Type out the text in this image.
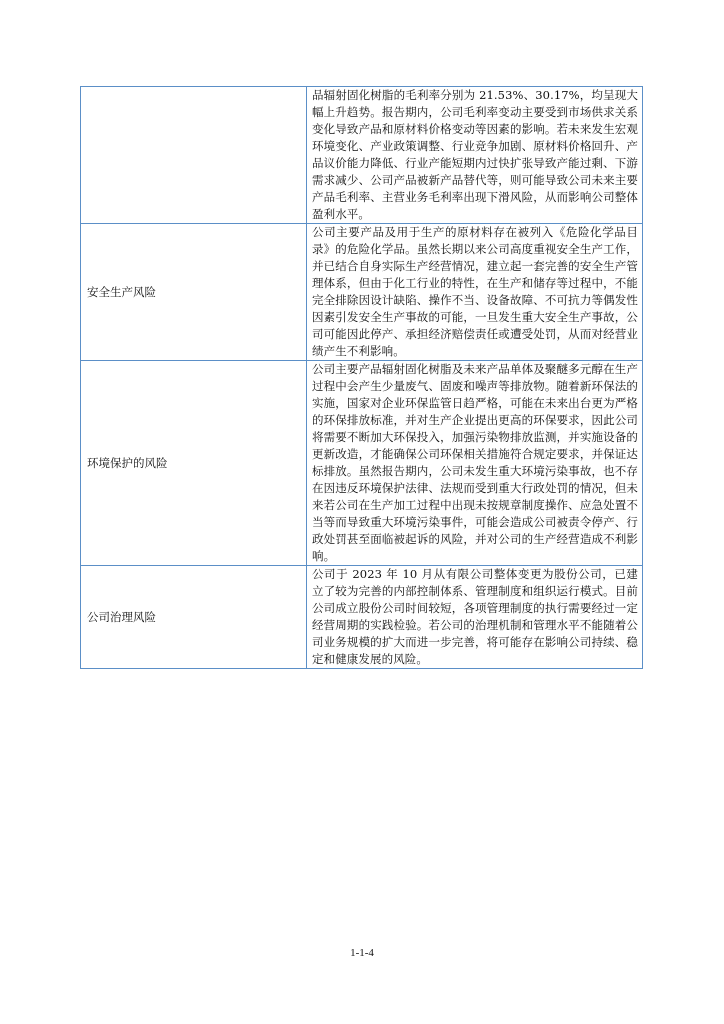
	品辐射固化树脂的毛利率分别为 21.53%、30.17%，均呈现大幅上升趋势。报告期内，公司毛利率变动主要受到市场供求关系变化导致产品和原材料价格变动等因素的影响。若未来发生宏观环境变化、产业政策调整、行业竞争加剧、原材料价格回升、产品议价能力降低、行业产能短期内过快扩张导致产能过剩、下游需求减少、公司产品被新产品替代等，则可能导致公司未来主要产品毛利率、主营业务毛利率出现下滑风险，从而影响公司整体盈利水平。
安全生产风险	公司主要产品及用于生产的原材料存在被列入《危险化学品目录》的危险化学品。虽然长期以来公司高度重视安全生产工作，并已结合自身实际生产经营情况，建立起一套完善的安全生产管理体系，但由于化工行业的特性，在生产和储存等过程中，不能完全排除因设计缺陷、操作不当、设备故障、不可抗力等偶发性因素引发安全生产事故的可能，一旦发生重大安全生产事故，公司可能因此停产、承担经济赔偿责任或遭受处罚，从而对经营业绩产生不利影响。
环境保护的风险	公司主要产品辐射固化树脂及未来产品单体及聚醚多元醇在生产过程中会产生少量废气、固废和噪声等排放物。随着新环保法的实施，国家对企业环保监管日趋严格，可能在未来出台更为严格的环保排放标准，并对生产企业提出更高的环保要求，因此公司将需要不断加大环保投入，加强污染物排放监测，并实施设备的更新改造，才能确保公司环保相关措施符合规定要求，并保证达标排放。虽然报告期内，公司未发生重大环境污染事故，也不存在因违反环境保护法律、法规而受到重大行政处罚的情况，但未来若公司在生产加工过程中出现未按规章制度操作、应急处置不当等而导致重大环境污染事件，可能会造成公司被责令停产、行政处罚甚至面临被起诉的风险，并对公司的生产经营造成不利影响。
公司治理风险	公司于 2023 年 10 月从有限公司整体变更为股份公司，已建立了较为完善的内部控制体系、管理制度和组织运行模式。目前公司成立股份公司时间较短，各项管理制度的执行需要经过一定经营周期的实践检验。若公司的治理机制和管理水平不能随着公司业务规模的扩大而进一步完善，将可能存在影响公司持续、稳定和健康发展的风险。
1-1-4
